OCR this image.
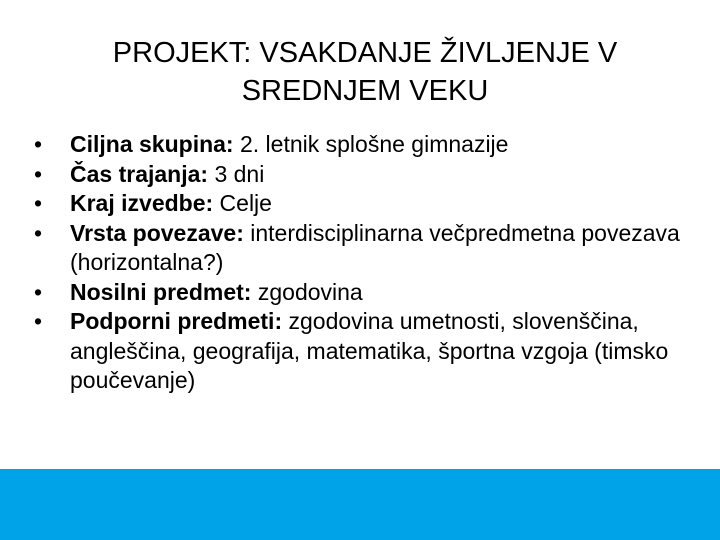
PROJEKT: VSAKDANJE ŽIVLJENJE V
SREDNJEM VEKU
• Ciljna skupina: 2. letnik splošne gimnazije
• Čas trajanja: 3 dni
• Kraj izvedbe: Celje
• Vrsta povezave: interdisciplinarna večpredmetna povezava (horizontalna?)
• Nosilni predmet: zgodovina
• Podporni predmeti: zgodovina umetnosti, slovenščina, angleščina, geografija, matematika, športna vzgoja (timsko poučevanje)
